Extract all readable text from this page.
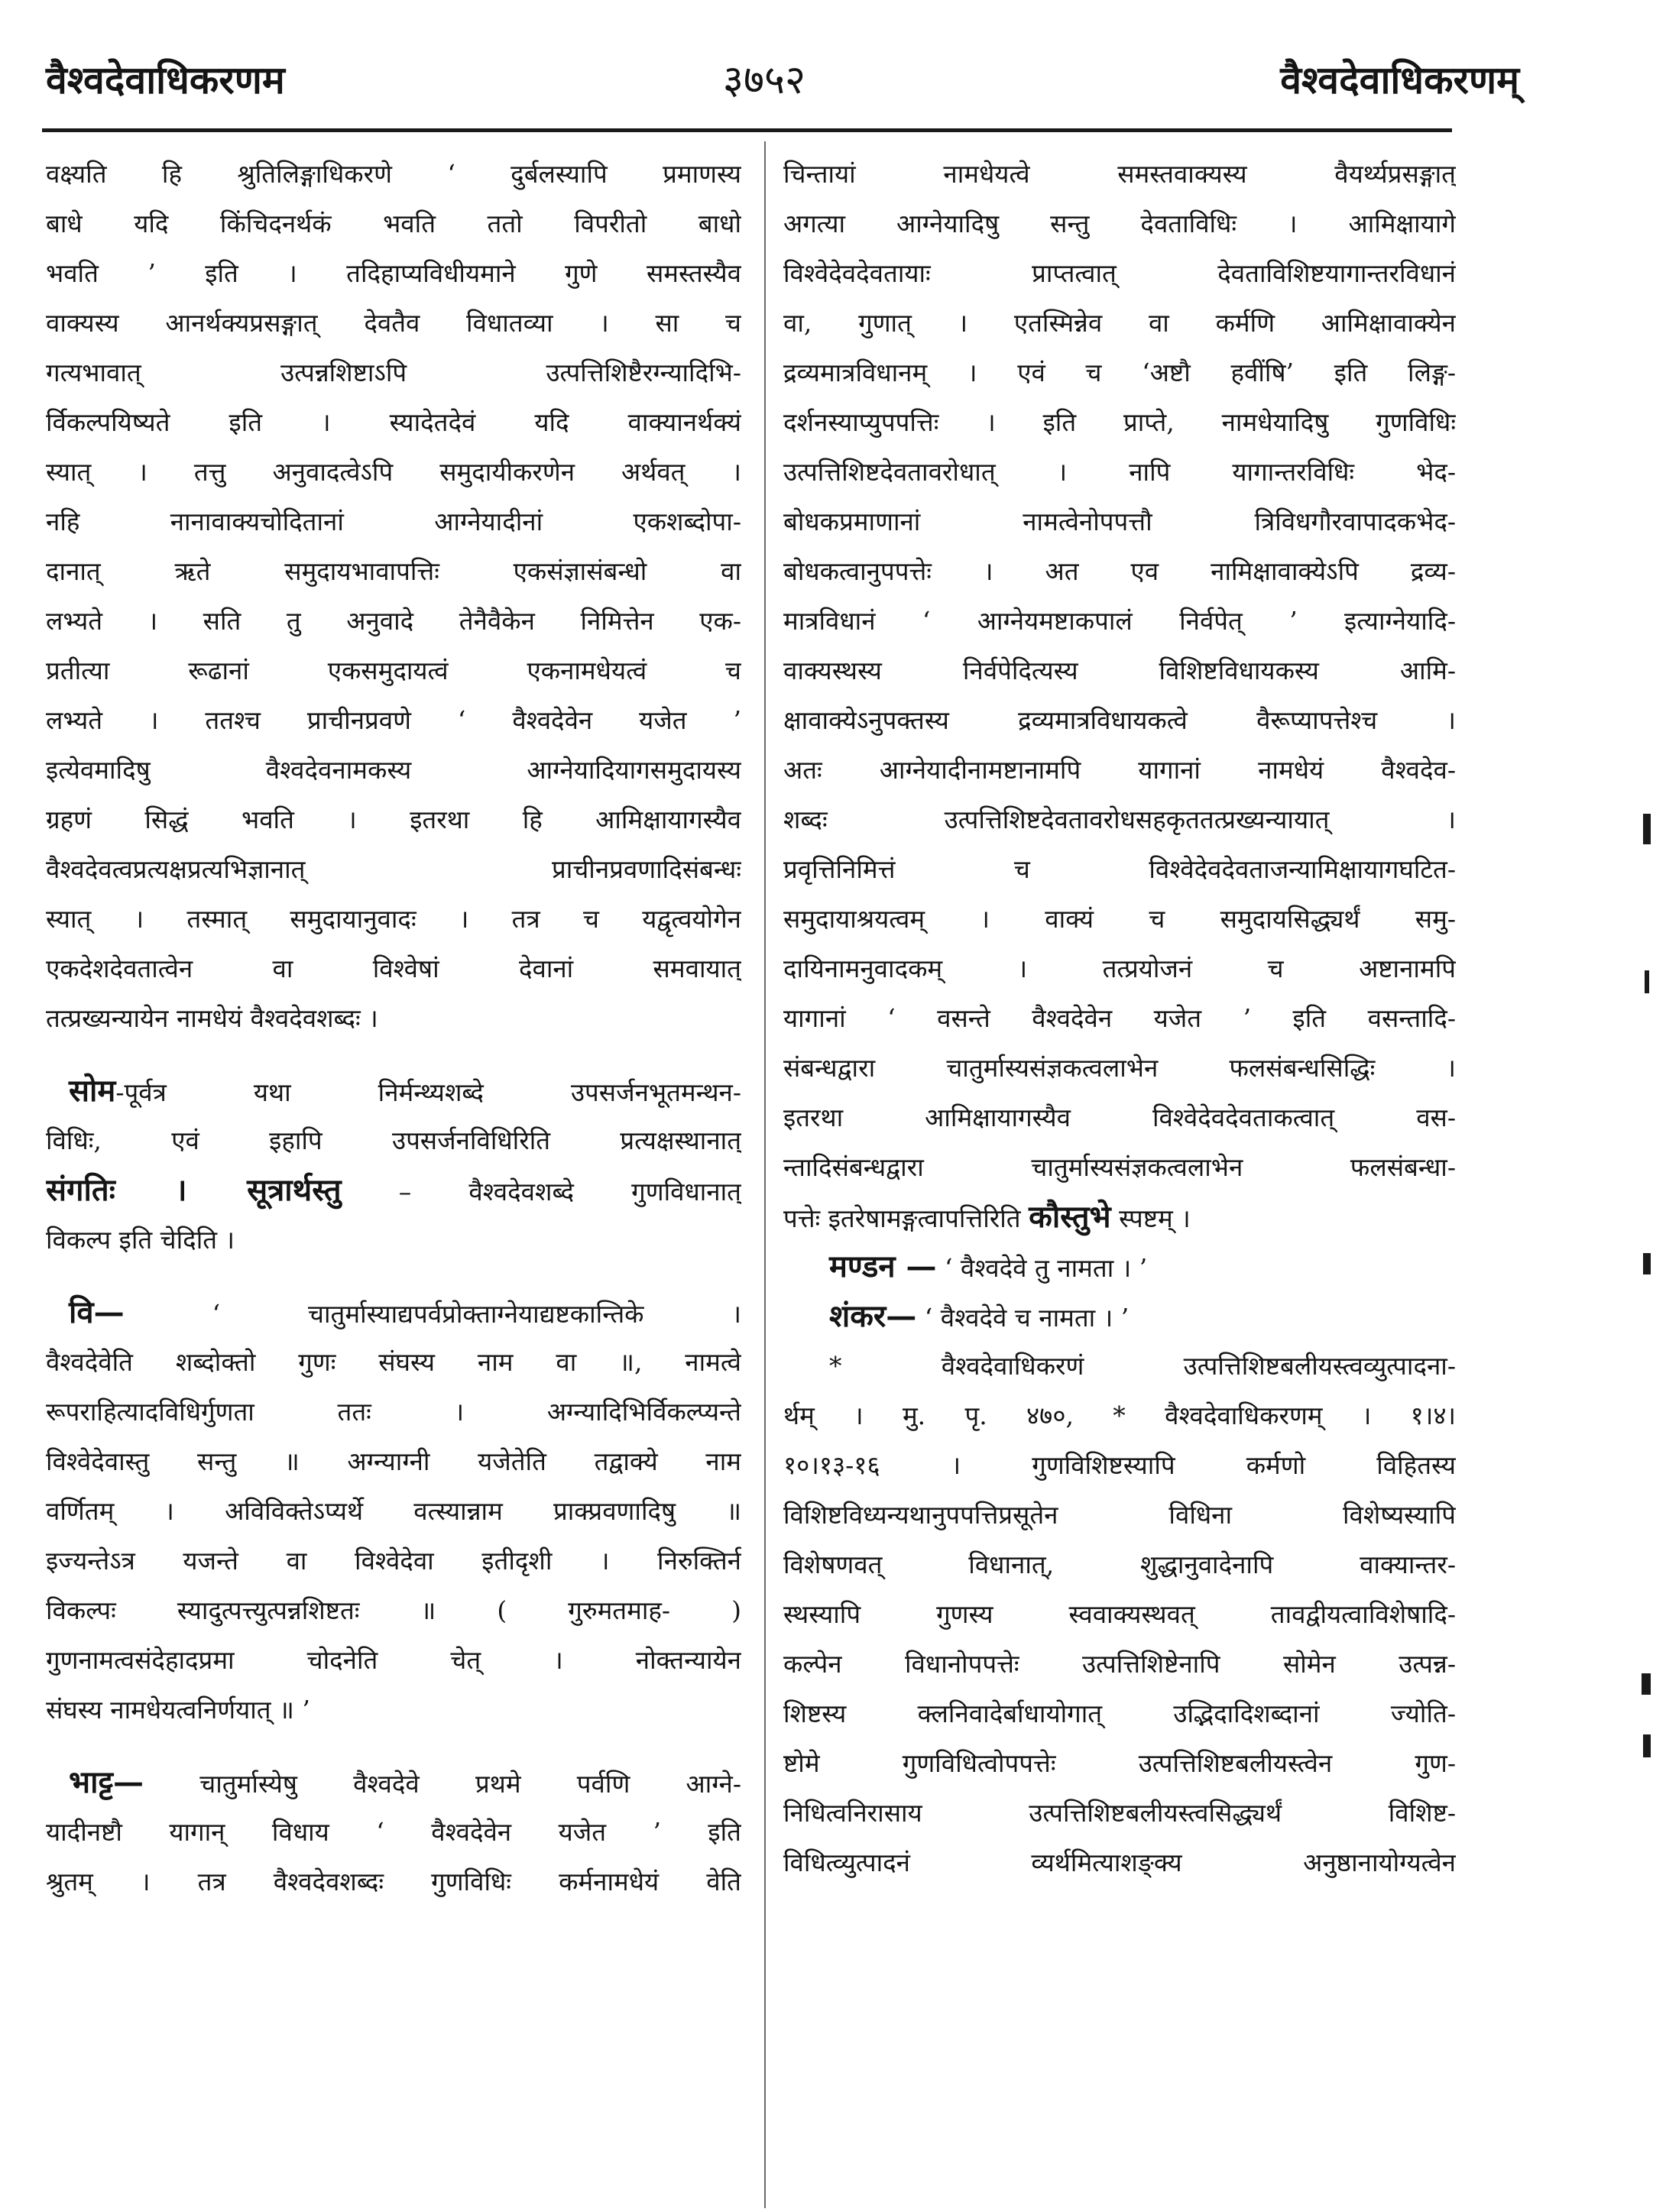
वैश्वदेवाधिकरणम	३७५२	वैश्वदेवाधिकरणम्
वक्ष्यति हि श्रुतिलिङ्गाधिकरणे ‘ दुर्बलस्यापि प्रमाणस्य
बाधे यदि किंचिदनर्थकं भवति ततो विपरीतो बाधो
भवति ’ इति । तदिहाप्यविधीयमाने गुणे समस्तस्यैव
वाक्यस्य आनर्थक्यप्रसङ्गात् देवतैव विधातव्या । सा च
गत्यभावात् उत्पन्नशिष्टाऽपि उत्पत्तिशिष्टैरग्न्यादिभि-
र्विकल्पयिष्यते इति । स्यादेतदेवं यदि वाक्यानर्थक्यं
स्यात् । तत्तु अनुवादत्वेऽपि समुदायीकरणेन अर्थवत् ।
नहि नानावाक्यचोदितानां आग्नेयादीनां एकशब्दोपा-
दानात् ऋते समुदायभावापत्तिः एकसंज्ञासंबन्धो वा
लभ्यते । सति तु अनुवादे तेनैवैकेन निमित्तेन एक-
प्रतीत्या रूढानां एकसमुदायत्वं एकनामधेयत्वं च
लभ्यते । ततश्च प्राचीनप्रवणे ‘ वैश्वदेवेन यजेत ’
इत्येवमादिषु वैश्वदेवनामकस्य आग्नेयादियागसमुदायस्य
ग्रहणं सिद्धं भवति । इतरथा हि आमिक्षायागस्यैव
वैश्वदेवत्वप्रत्यक्षप्रत्यभिज्ञानात् प्राचीनप्रवणादिसंबन्धः
स्यात् । तस्मात् समुदायानुवादः । तत्र च यद्वृत्वयोगेन
एकदेशदेवतात्वेन वा विश्वेषां देवानां समवायात्
तत्प्रख्यन्यायेन नामधेयं वैश्वदेवशब्दः ।
सोम-पूर्वत्र यथा निर्मन्थ्यशब्दे उपसर्जनभूतमन्थन-
विधिः, एवं इहापि उपसर्जनविधिरिति प्रत्यक्षस्थानात्
संगतिः । सूत्रार्थस्तु – वैश्वदेवशब्दे गुणविधानात्
विकल्प इति चेदिति ।
वि— ‘ चातुर्मास्याद्यपर्वप्रोक्ताग्नेयाद्यष्टकान्तिके ।
वैश्वदेवेति शब्दोक्तो गुणः संघस्य नाम वा ॥, नामत्वे
रूपराहित्यादविधिर्गुणता ततः । अग्न्यादिभिर्विकल्प्यन्ते
विश्वेदेवास्तु सन्तु ॥ अग्न्याग्नी यजेतेति तद्वाक्ये नाम
वर्णितम् । अविविक्तेऽप्यर्थे वत्स्यान्नाम प्राक्प्रवणादिषु ॥
इज्यन्तेऽत्र यजन्ते वा विश्वेदेवा इतीदृशी । निरुक्तिर्न
विकल्पः स्यादुत्पत्त्युत्पन्नशिष्टतः ॥ ( गुरुमतमाह- )
गुणनामत्वसंदेहादप्रमा चोदनेति चेत् । नोक्तन्यायेन
संघस्य नामधेयत्वनिर्णयात् ॥ ’
भाट्ट— चातुर्मास्येषु वैश्वदेवे प्रथमे पर्वणि आग्ने-
यादीनष्टौ यागान् विधाय ‘ वैश्वदेवेन यजेत ’ इति
श्रुतम् । तत्र वैश्वदेवशब्दः गुणविधिः कर्मनामधेयं वेति
चिन्तायां नामधेयत्वे समस्तवाक्यस्य वैयर्थ्यप्रसङ्गात्
अगत्या आग्नेयादिषु सन्तु देवताविधिः । आमिक्षायागे
विश्वेदेवदेवतायाः प्राप्तत्वात् देवताविशिष्टयागान्तरविधानं
वा, गुणात् । एतस्मिन्नेव वा कर्मणि आमिक्षावाक्येन
द्रव्यमात्रविधानम् । एवं च ‘अष्टौ हवींषि’ इति लिङ्ग-
दर्शनस्याप्युपपत्तिः । इति प्राप्ते, नामधेयादिषु गुणविधिः
उत्पत्तिशिष्टदेवतावरोधात् । नापि यागान्तरविधिः भेद-
बोधकप्रमाणानां नामत्वेनोपपत्तौ त्रिविधगौरवापादकभेद-
बोधकत्वानुपपत्तेः । अत एव नामिक्षावाक्येऽपि द्रव्य-
मात्रविधानं ‘ आग्नेयमष्टाकपालं निर्वपेत् ’ इत्याग्नेयादि-
वाक्यस्थस्य निर्वपेदित्यस्य विशिष्टविधायकस्य आमि-
क्षावाक्येऽनुपक्तस्य द्रव्यमात्रविधायकत्वे वैरूप्यापत्तेश्च ।
अतः आग्नेयादीनामष्टानामपि यागानां नामधेयं वैश्वदेव-
शब्दः उत्पत्तिशिष्टदेवतावरोधसहकृततत्प्रख्यन्यायात् ।
प्रवृत्तिनिमित्तं च विश्वेदेवदेवताजन्यामिक्षायागघटित-
समुदायाश्रयत्वम् । वाक्यं च समुदायसिद्ध्यर्थं समु-
दायिनामनुवादकम् । तत्प्रयोजनं च अष्टानामपि
यागानां ‘ वसन्ते वैश्वदेवेन यजेत ’ इति वसन्तादि-
संबन्धद्वारा चातुर्मास्यसंज्ञकत्वलाभेन फलसंबन्धसिद्धिः ।
इतरथा आमिक्षायागस्यैव विश्वेदेवदेवताकत्वात् वस-
न्तादिसंबन्धद्वारा चातुर्मास्यसंज्ञकत्वलाभेन फलसंबन्धा-
पत्तेः इतरेषामङ्गत्वापत्तिरिति कौस्तुभे स्पष्टम् ।
मण्डन — ‘ वैश्वदेवे तु नामता । ’
शंकर— ‘ वैश्वदेवे च नामता । ’
* वैश्वदेवाधिकरणं उत्पत्तिशिष्टबलीयस्त्वव्युत्पादना-
र्थम् । मु. पृ. ४७०, * वैश्वदेवाधिकरणम् । १।४।
१०।१३-१६ । गुणविशिष्टस्यापि कर्मणो विहितस्य
विशिष्टविध्यन्यथानुपपत्तिप्रसूतेन विधिना विशेष्यस्यापि
विशेषणवत् विधानात्, शुद्धानुवादेनापि वाक्यान्तर-
स्थस्यापि गुणस्य स्ववाक्यस्थवत् तावद्वीयत्वाविशेषादि-
कल्पेन विधानोपपत्तेः उत्पत्तिशिष्टेनापि सोमेन उत्पन्न-
शिष्टस्य क्लनिवादेर्बाधायोगात् उद्भिदादिशब्दानां ज्योति-
ष्टोमे गुणविधित्वोपपत्तेः उत्पत्तिशिष्टबलीयस्त्वेन गुण-
निधित्वनिरासाय उत्पत्तिशिष्टबलीयस्त्वसिद्ध्यर्थं विशिष्ट-
विधित्व्युत्पादनं व्यर्थमित्याशङ्क्य अनुष्ठानायोग्यत्वेन
